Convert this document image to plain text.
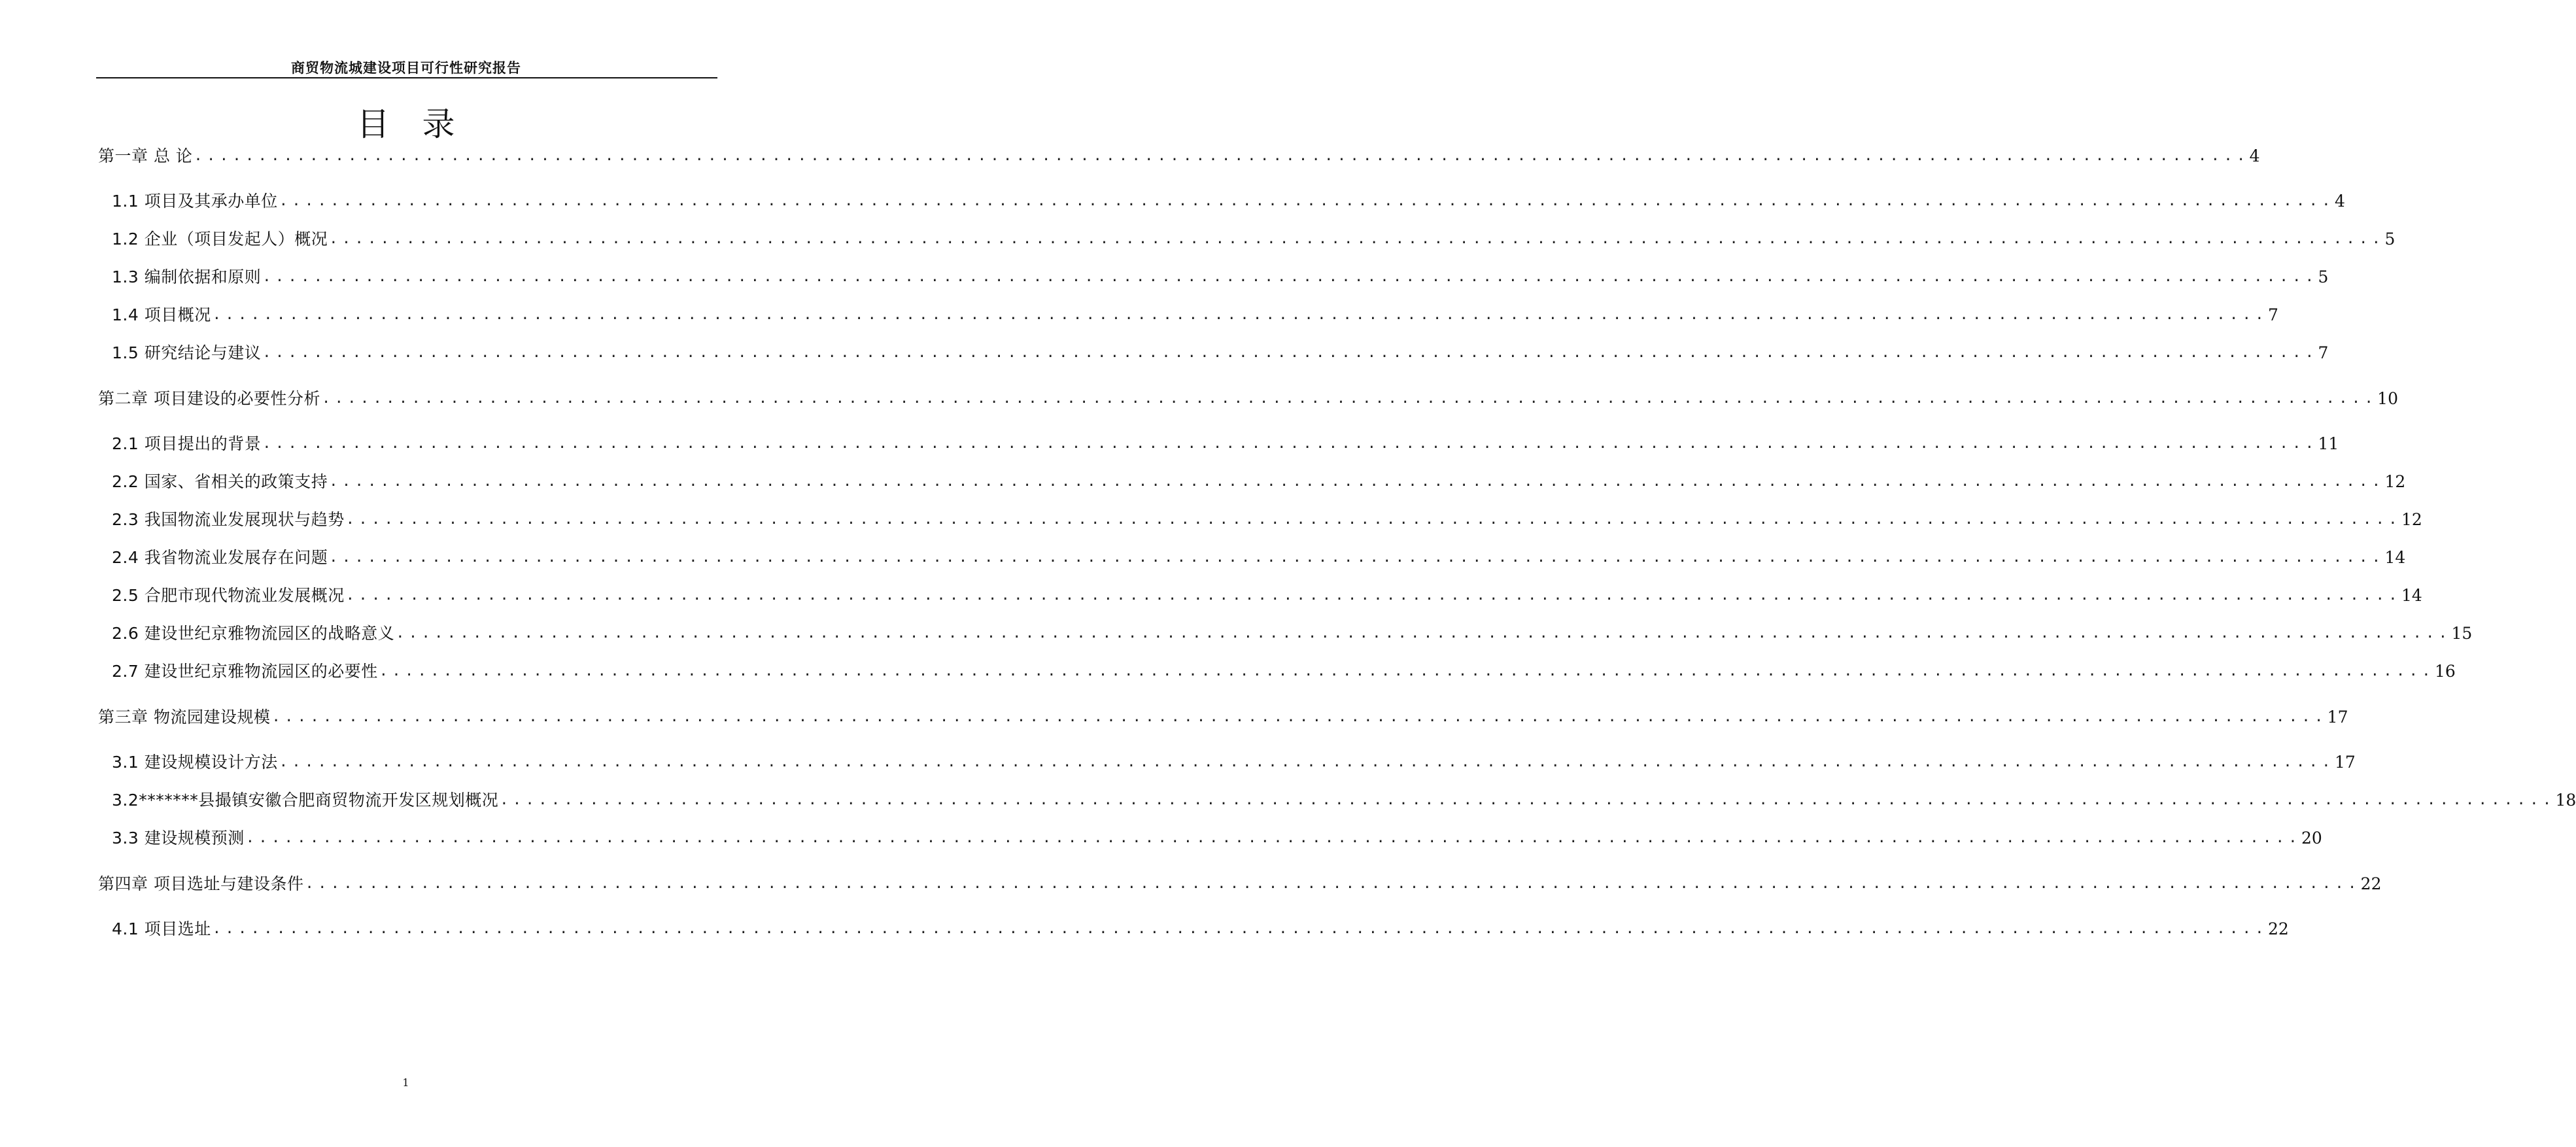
商贸物流城建设项目可行性研究报告
目录
第一章 总 论 ................................................................................................................................................................ 4
1.1 项目及其承办单位 ................................................................................................................................................................ 4
1.2 企业（项目发起人）概况 ................................................................................................................................................................ 5
1.3 编制依据和原则 ................................................................................................................................................................ 5
1.4 项目概况 ................................................................................................................................................................ 7
1.5 研究结论与建议 ................................................................................................................................................................ 7
第二章 项目建设的必要性分析 ................................................................................................................................................................ 10
2.1 项目提出的背景 ................................................................................................................................................................ 11
2.2 国家、省相关的政策支持 ................................................................................................................................................................ 12
2.3 我国物流业发展现状与趋势 ................................................................................................................................................................ 12
2.4 我省物流业发展存在问题 ................................................................................................................................................................ 14
2.5 合肥市现代物流业发展概况 ................................................................................................................................................................ 14
2.6 建设世纪京雅物流园区的战略意义 ................................................................................................................................................................ 15
2.7 建设世纪京雅物流园区的必要性 ................................................................................................................................................................ 16
第三章 物流园建设规模 ................................................................................................................................................................ 17
3.1 建设规模设计方法 ................................................................................................................................................................ 17
3.2*******县撮镇安徽合肥商贸物流开发区规划概况 ................................................................................................................................................................ 18
3.3 建设规模预测 ................................................................................................................................................................ 20
第四章 项目选址与建设条件 ................................................................................................................................................................ 22
4.1 项目选址 ................................................................................................................................................................ 22
1
